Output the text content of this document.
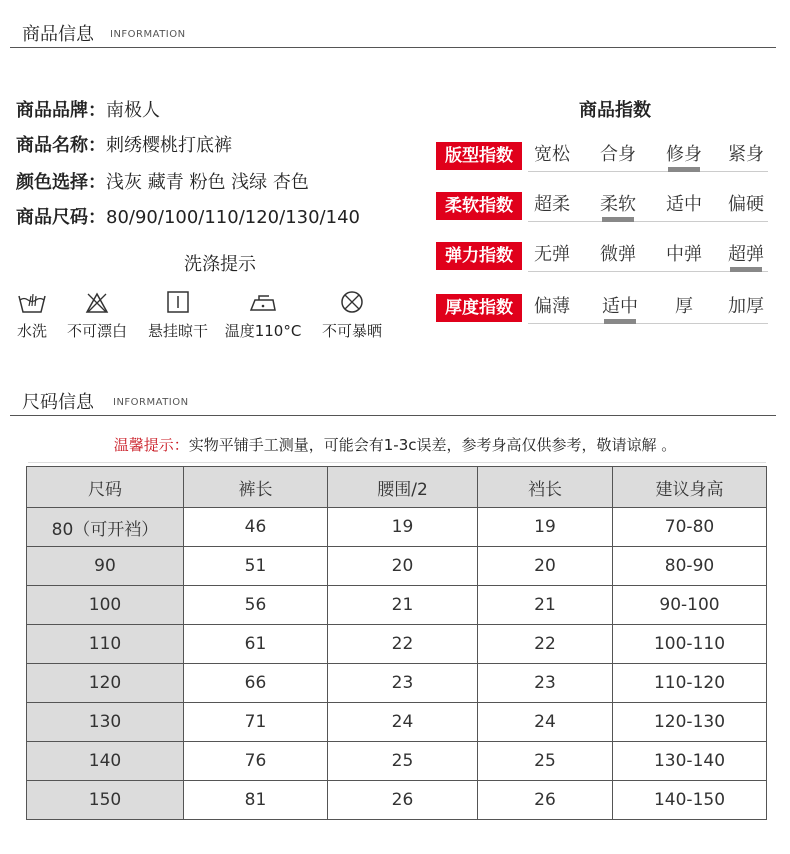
商品信息 INFORMATION
商品品牌：南极人
商品名称：刺绣樱桃打底裤
颜色选择：浅灰 藏青 粉色 浅绿 杏色
商品尺码：80/90/100/110/120/130/140
洗涤提示
水洗	不可漂白	悬挂晾干	温度110°C	不可暴晒
商品指数
版型指数	宽松	合身	修身	紧身
柔软指数	超柔	柔软	适中	偏硬
弹力指数	无弹	微弹	中弹	超弹
厚度指数	偏薄	适中	厚	加厚
尺码信息 INFORMATION
温馨提示：实物平铺手工测量，可能会有1-3c误差，参考身高仅供参考，敬请谅解 。
尺码	裤长	腰围/2	裆长	建议身高
80（可开裆）	46	19	19	70-80
90	51	20	20	80-90
100	56	21	21	90-100
110	61	22	22	100-110
120	66	23	23	110-120
130	71	24	24	120-130
140	76	25	25	130-140
150	81	26	26	140-150
